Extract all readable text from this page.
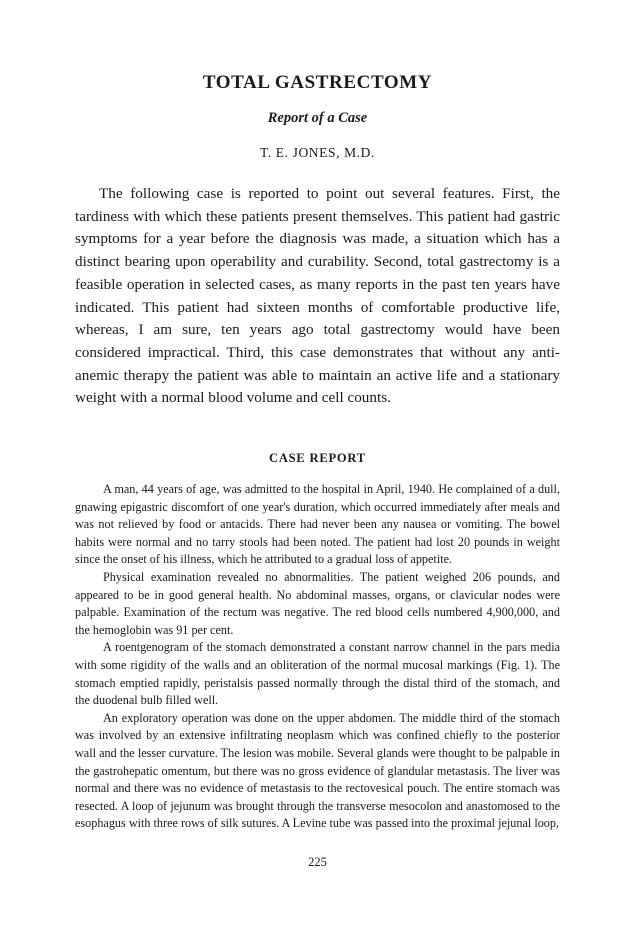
TOTAL GASTRECTOMY
Report of a Case

T. E. JONES, M.D.

The following case is reported to point out several features. First, the tardiness with which these patients present themselves. This patient had gastric symptoms for a year before the diagnosis was made, a situation which has a distinct bearing upon operability and curability. Second, total gastrectomy is a feasible operation in selected cases, as many reports in the past ten years have indicated. This patient had sixteen months of comfortable productive life, whereas, I am sure, ten years ago total gastrectomy would have been considered impractical. Third, this case demonstrates that without any anti-anemic therapy the patient was able to maintain an active life and a stationary weight with a normal blood volume and cell counts.

CASE REPORT

A man, 44 years of age, was admitted to the hospital in April, 1940. He complained of a dull, gnawing epigastric discomfort of one year's duration, which occurred immediately after meals and was not relieved by food or antacids. There had never been any nausea or vomiting. The bowel habits were normal and no tarry stools had been noted. The patient had lost 20 pounds in weight since the onset of his illness, which he attributed to a gradual loss of appetite.

Physical examination revealed no abnormalities. The patient weighed 206 pounds, and appeared to be in good general health. No abdominal masses, organs, or clavicular nodes were palpable. Examination of the rectum was negative. The red blood cells numbered 4,900,000, and the hemoglobin was 91 per cent.

A roentgenogram of the stomach demonstrated a constant narrow channel in the pars media with some rigidity of the walls and an obliteration of the normal mucosal markings (Fig. 1). The stomach emptied rapidly, peristalsis passed normally through the distal third of the stomach, and the duodenal bulb filled well.

An exploratory operation was done on the upper abdomen. The middle third of the stomach was involved by an extensive infiltrating neoplasm which was confined chiefly to the posterior wall and the lesser curvature. The lesion was mobile. Several glands were thought to be palpable in the gastrohepatic omentum, but there was no gross evidence of glandular metastasis. The liver was normal and there was no evidence of metastasis to the rectovesical pouch. The entire stomach was resected. A loop of jejunum was brought through the transverse mesocolon and anastomosed to the esophagus with three rows of silk sutures. A Levine tube was passed into the proximal jejunal loop,

225
